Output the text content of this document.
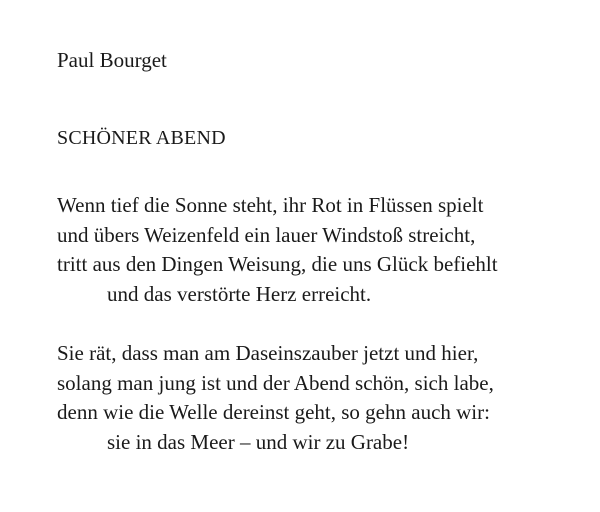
Paul Bourget
SCHÖNER ABEND
Wenn tief die Sonne steht, ihr Rot in Flüssen spielt
und übers Weizenfeld ein lauer Windstoß streicht,
tritt aus den Dingen Weisung, die uns Glück befiehlt
und das verstörte Herz erreicht.
Sie rät, dass man am Daseinszauber jetzt und hier,
solang man jung ist und der Abend schön, sich labe,
denn wie die Welle dereinst geht, so gehn auch wir:
sie in das Meer – und wir zu Grabe!
